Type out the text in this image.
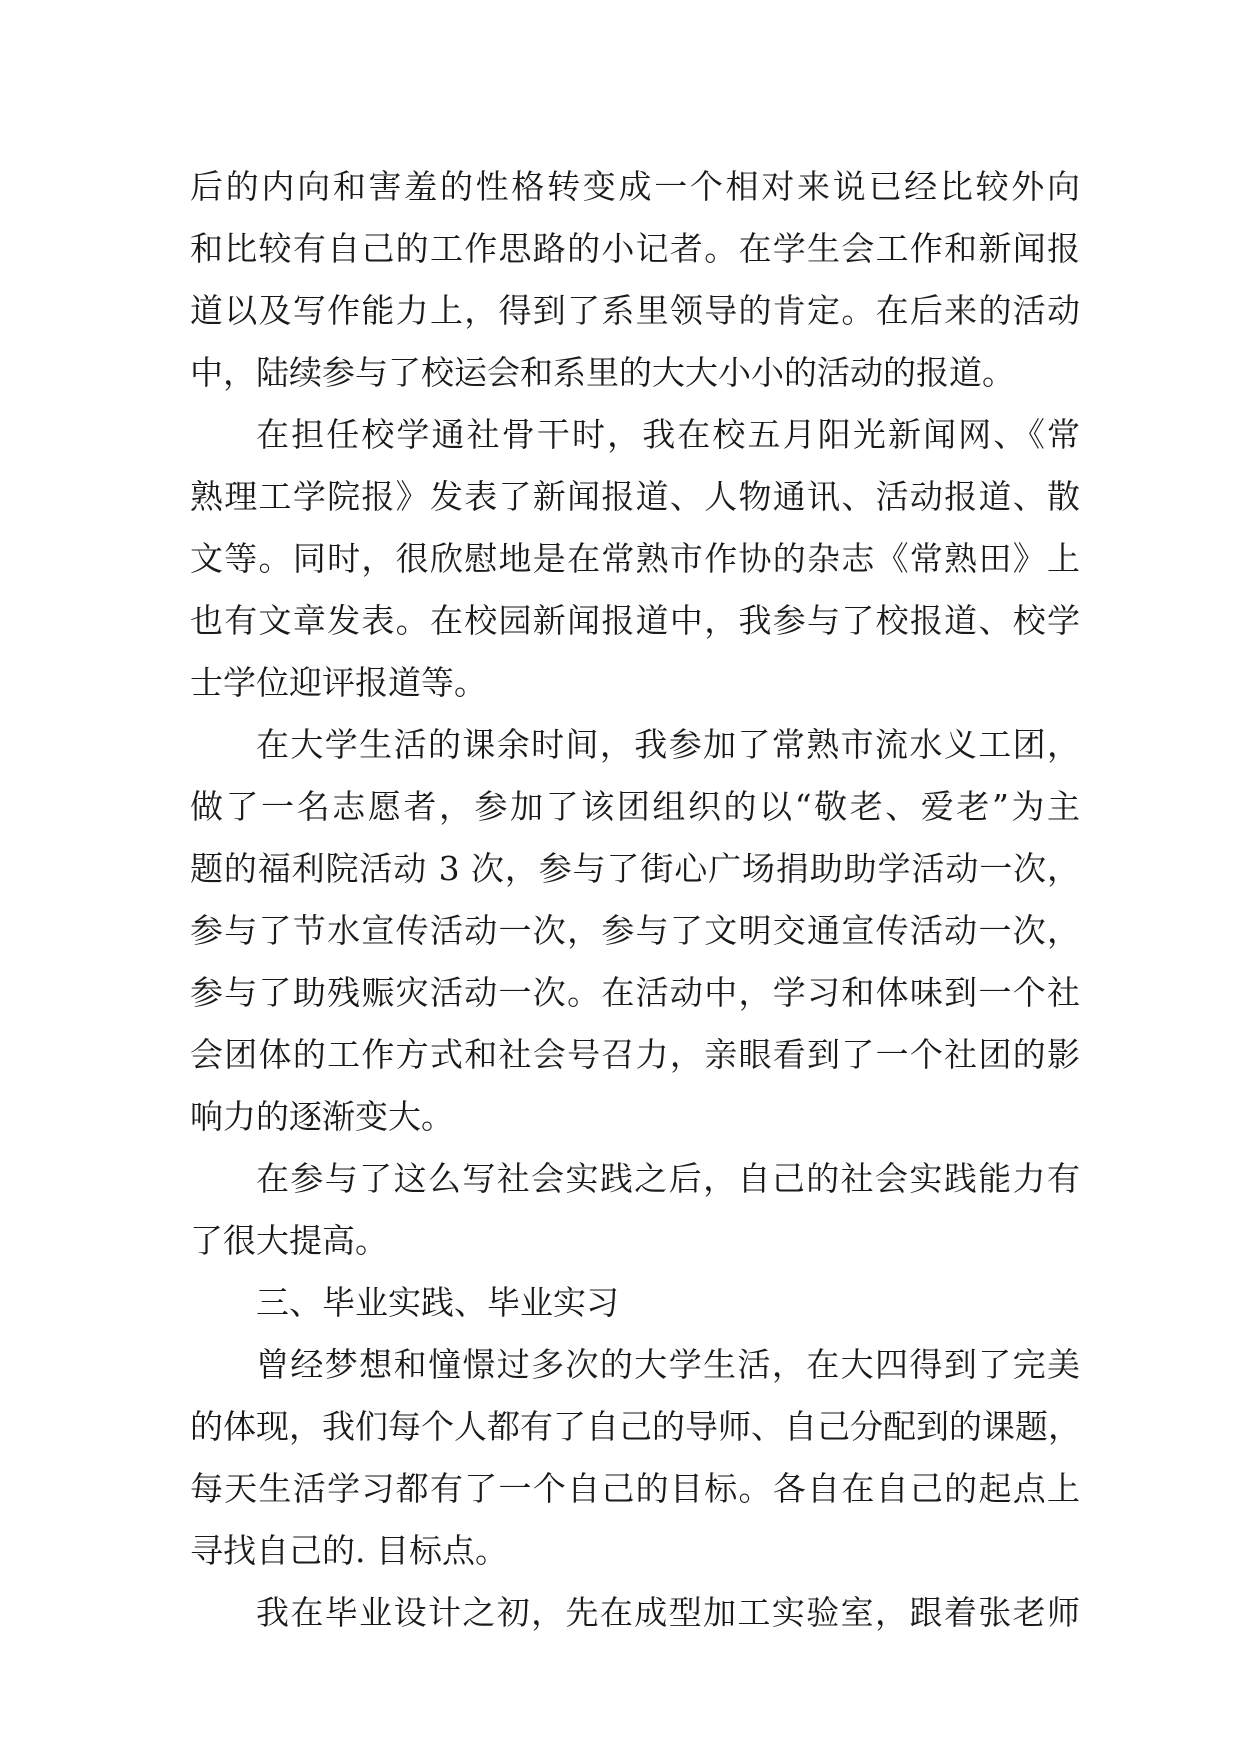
后的内向和害羞的性格转变成一个相对来说已经比较外向
和比较有自己的工作思路的小记者。在学生会工作和新闻报
道以及写作能力上，得到了系里领导的肯定。在后来的活动
中，陆续参与了校运会和系里的大大小小的活动的报道。
在担任校学通社骨干时，我在校五月阳光新闻网、《常
熟理工学院报》发表了新闻报道、人物通讯、活动报道、散
文等。同时，很欣慰地是在常熟市作协的杂志《常熟田》上
也有文章发表。在校园新闻报道中，我参与了校报道、校学
士学位迎评报道等。
在大学生活的课余时间，我参加了常熟市流水义工团，
做了一名志愿者，参加了该团组织的以“敬老、爱老”为主
题的福利院活动 3 次，参与了街心广场捐助助学活动一次，
参与了节水宣传活动一次，参与了文明交通宣传活动一次，
参与了助残赈灾活动一次。在活动中，学习和体味到一个社
会团体的工作方式和社会号召力，亲眼看到了一个社团的影
响力的逐渐变大。
在参与了这么写社会实践之后，自己的社会实践能力有
了很大提高。
三、毕业实践、毕业实习
曾经梦想和憧憬过多次的大学生活，在大四得到了完美
的体现，我们每个人都有了自己的导师、自己分配到的课题，
每天生活学习都有了一个自己的目标。各自在自己的起点上
寻找自己的. 目标点。
我在毕业设计之初，先在成型加工实验室，跟着张老师
